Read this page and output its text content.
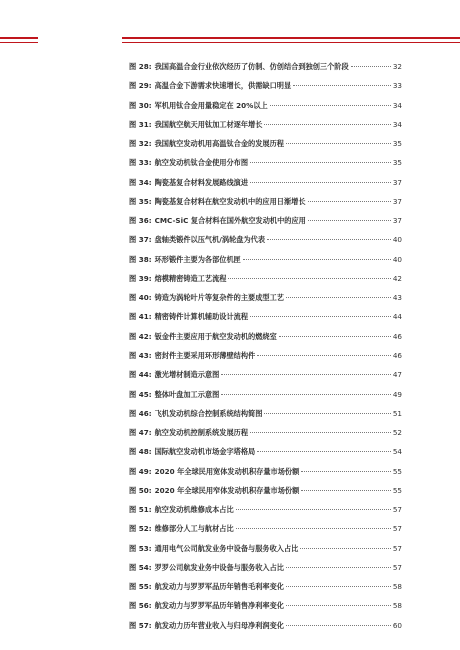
图 28: 我国高温合金行业依次经历了仿制、仿创结合到独创三个阶段	32
图 29: 高温合金下游需求快速增长，供需缺口明显	33
图 30: 军机用钛合金用量稳定在 20%以上	34
图 31: 我国航空航天用钛加工材逐年增长	34
图 32: 我国航空发动机用高温钛合金的发展历程	35
图 33: 航空发动机钛合金使用分布图	35
图 34: 陶瓷基复合材料发展路线演进	37
图 35: 陶瓷基复合材料在航空发动机中的应用日渐增长	37
图 36: CMC-SiC 复合材料在国外航空发动机中的应用	37
图 37: 盘轴类锻件以压气机/涡轮盘为代表	40
图 38: 环形锻件主要为各部位机匣	40
图 39: 熔模精密铸造工艺流程	42
图 40: 铸造为涡轮叶片等复杂件的主要成型工艺	43
图 41: 精密铸件计算机辅助设计流程	44
图 42: 钣金件主要应用于航空发动机的燃烧室	46
图 43: 密封件主要采用环形薄壁结构件	46
图 44: 激光增材制造示意图	47
图 45: 整体叶盘加工示意图	49
图 46: 飞机发动机综合控制系统结构简图	51
图 47: 航空发动机控制系统发展历程	52
图 48: 国际航空发动机市场金字塔格局	54
图 49: 2020 年全球民用宽体发动机积存量市场份额	55
图 50: 2020 年全球民用窄体发动机积存量市场份额	55
图 51: 航空发动机维修成本占比	57
图 52: 维修部分人工与航材占比	57
图 53: 通用电气公司航发业务中设备与服务收入占比	57
图 54: 罗罗公司航发业务中设备与服务收入占比	57
图 55: 航发动力与罗罗军品历年销售毛利率变化	58
图 56: 航发动力与罗罗军品历年销售净利率变化	58
图 57: 航发动力历年营业收入与归母净利润变化	60
